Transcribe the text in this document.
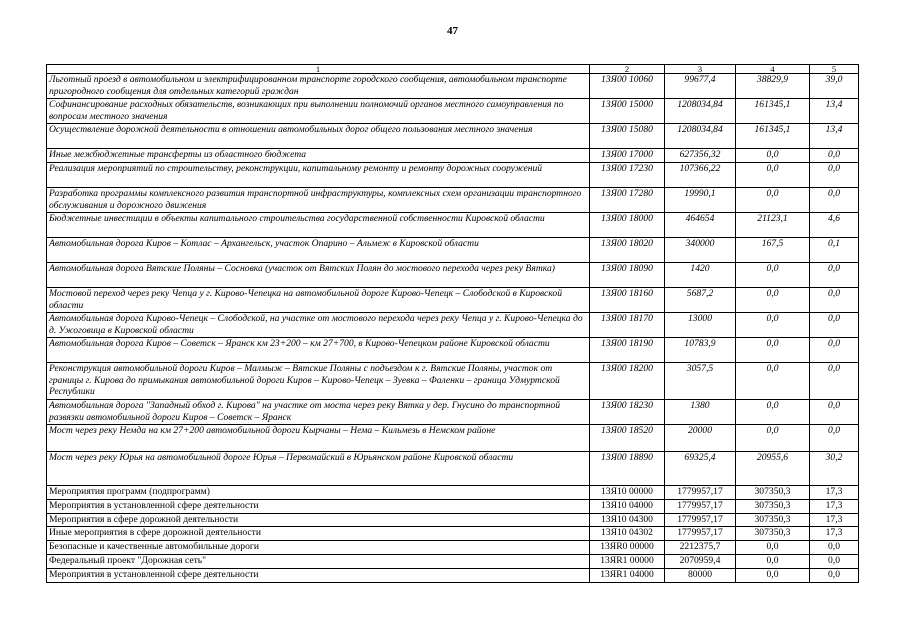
47
1	2	3	4	5
Льготный проезд в автомобильном и электрифицированном транспорте городского сообщения, автомобильном транспорте пригородного сообщения для отдельных категорий граждан	13Я00 10060	99677,4	38829,9	39,0
Софинансирование расходных обязательств, возникающих при выполнении полномочий органов местного самоуправления по вопросам местного значения	13Я00 15000	1208034,84	161345,1	13,4
Осуществление дорожной деятельности в отношении автомобильных дорог общего пользования местного значения	13Я00 15080	1208034,84	161345,1	13,4
Иные межбюджетные трансферты из областного бюджета	13Я00 17000	627356,32	0,0	0,0
Реализация мероприятий по строительству, реконструкции, капитальному ремонту и ремонту дорожных сооружений	13Я00 17230	107366,22	0,0	0,0
Разработка программы комплексного развития транспортной инфраструктуры, комплексных схем организации транспортного обслуживания и дорожного движения	13Я00 17280	19990,1	0,0	0,0
Бюджетные инвестиции в объекты капитального строительства государственной собственности Кировской области	13Я00 18000	464654	21123,1	4,6
Автомобильная дорога Киров – Котлас – Архангельск, участок Опарино – Альмеж в Кировской области	13Я00 18020	340000	167,5	0,1
Автомобильная дорога Вятские Поляны – Сосновка (участок от Вятских Полян до мостового перехода через реку Вятка)	13Я00 18090	1420	0,0	0,0
Мостовой переход через реку Чепца у г. Кирово-Чепецка на автомобильной дороге Кирово-Чепецк – Слободской в Кировской области	13Я00 18160	5687,2	0,0	0,0
Автомобильная дорога Кирово-Чепецк – Слободской, на участке от мостового перехода через реку Чепца у г. Кирово-Чепецка до д. Ужоговица в Кировской области	13Я00 18170	13000	0,0	0,0
Автомобильная дорога Киров – Советск – Яранск км 23+200 – км 27+700, в Кирово-Чепецком районе Кировской области	13Я00 18190	10783,9	0,0	0,0
Реконструкция автомобильной дороги Киров – Малмыж – Вятские Поляны с подъездом к г. Вятские Поляны, участок от границы г. Кирова до примыкания автомобильной дороги Киров – Кирово-Чепецк – Зуевка – Фаленки – граница Удмуртской Республики	13Я00 18200	3057,5	0,0	0,0
Автомобильная дорога "Западный обход г. Кирова" на участке от моста через реку Вятка у дер. Гнусино до транспортной развязки автомобильной дороги Киров – Советск – Яранск	13Я00 18230	1380	0,0	0,0
Мост через реку Немда на км 27+200 автомобильной дороги Кырчаны – Нема – Кильмезь в Немском районе	13Я00 18520	20000	0,0	0,0
Мост через реку Юрья на автомобильной дороге Юрья – Первомайский в Юрьянском районе Кировской области	13Я00 18890	69325,4	20955,6	30,2
Мероприятия программ (подпрограмм)	13Я10 00000	1779957,17	307350,3	17,3
Мероприятия в установленной сфере деятельности	13Я10 04000	1779957,17	307350,3	17,3
Мероприятия в сфере дорожной деятельности	13Я10 04300	1779957,17	307350,3	17,3
Иные мероприятия в сфере дорожной деятельности	13Я10 04302	1779957,17	307350,3	17,3
Безопасные и качественные автомобильные дороги	13ЯR0 00000	2212375,7	0,0	0,0
Федеральный проект "Дорожная сеть"	13ЯR1 00000	2070959,4	0,0	0,0
Мероприятия в установленной сфере деятельности	13ЯR1 04000	80000	0,0	0,0
